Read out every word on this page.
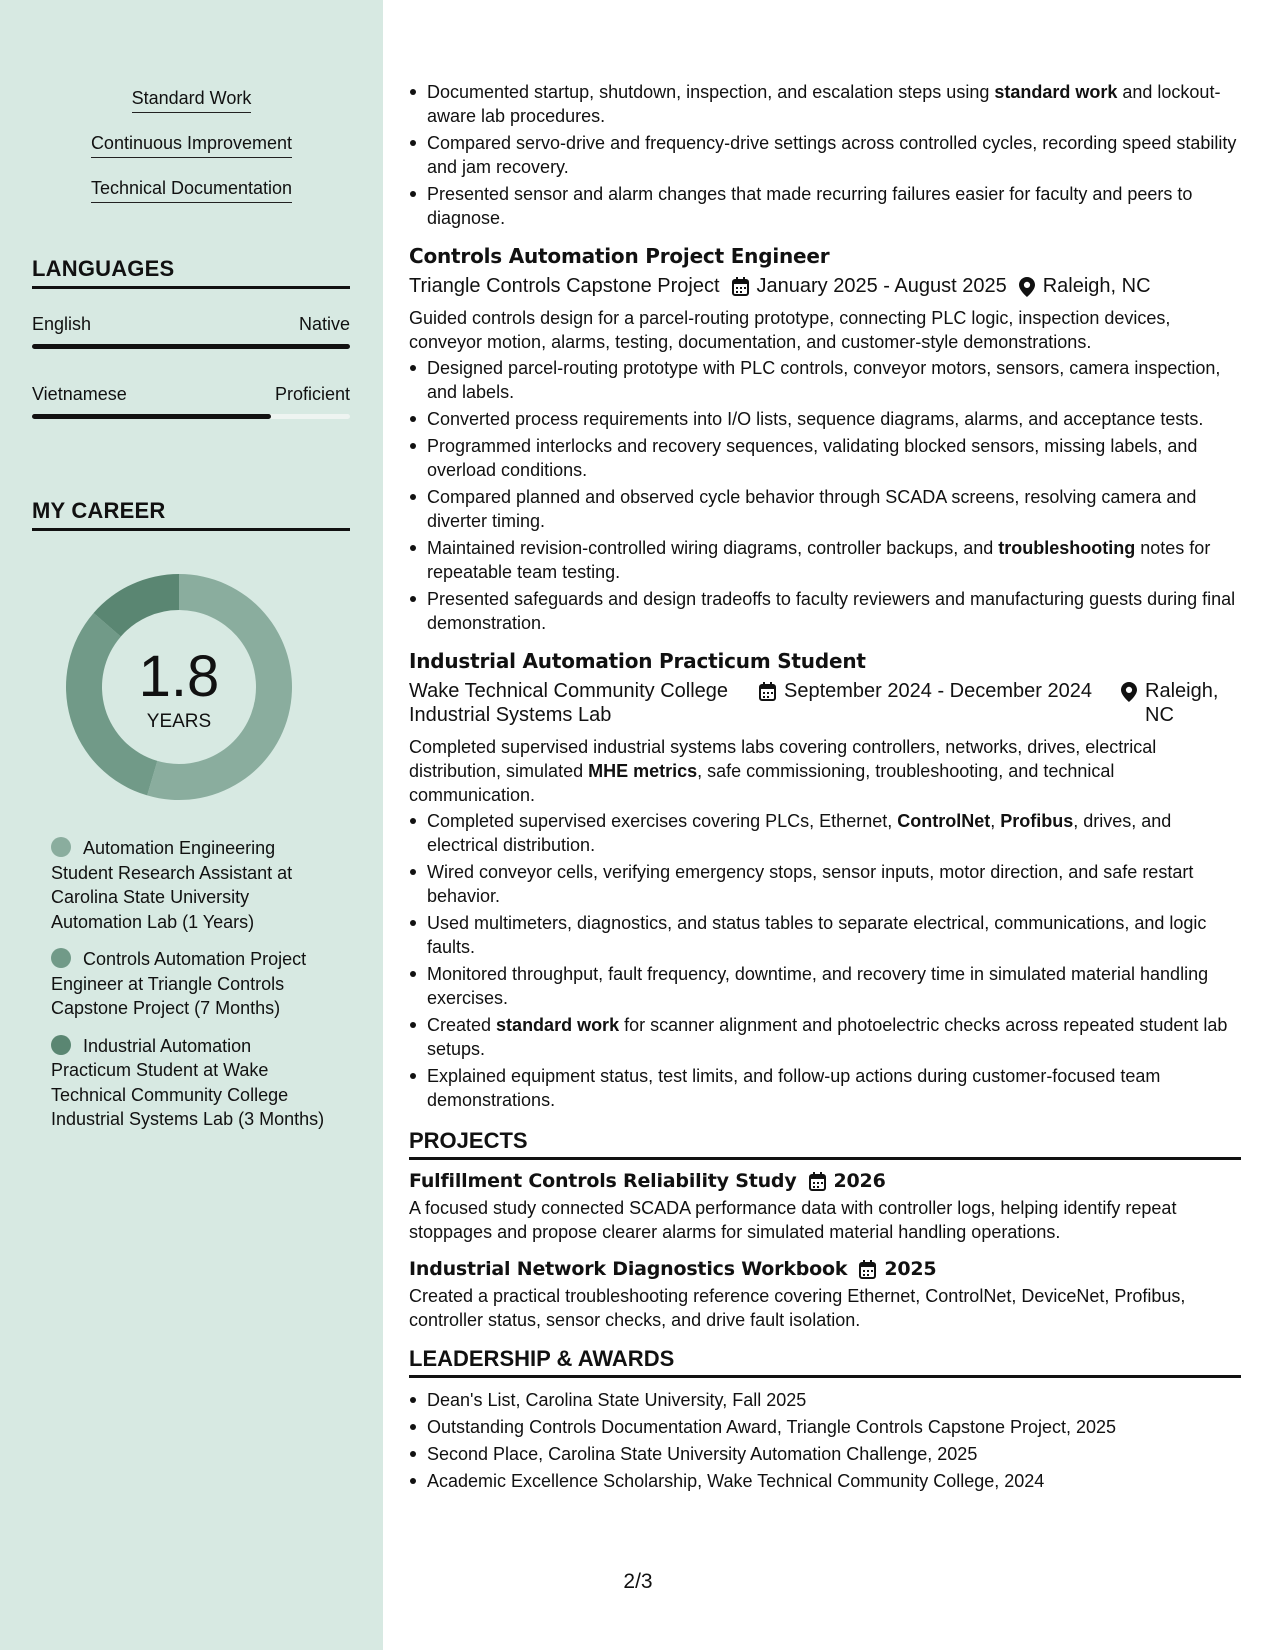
Standard Work
Continuous Improvement
Technical Documentation
LANGUAGES
English	Native
Vietnamese	Proficient
MY CAREER
1.8
YEARS
Automation Engineering Student Research Assistant at Carolina State University Automation Lab (1 Years)
Controls Automation Project Engineer at Triangle Controls Capstone Project (7 Months)
Industrial Automation Practicum Student at Wake Technical Community College Industrial Systems Lab (3 Months)
Documented startup, shutdown, inspection, and escalation steps using standard work and lockout-aware lab procedures.
Compared servo-drive and frequency-drive settings across controlled cycles, recording speed stability and jam recovery.
Presented sensor and alarm changes that made recurring failures easier for faculty and peers to diagnose.
Controls Automation Project Engineer
Triangle Controls Capstone Project January 2025 - August 2025 Raleigh, NC
Guided controls design for a parcel-routing prototype, connecting PLC logic, inspection devices, conveyor motion, alarms, testing, documentation, and customer-style demonstrations.
Designed parcel-routing prototype with PLC controls, conveyor motors, sensors, camera inspection, and labels.
Converted process requirements into I/O lists, sequence diagrams, alarms, and acceptance tests.
Programmed interlocks and recovery sequences, validating blocked sensors, missing labels, and overload conditions.
Compared planned and observed cycle behavior through SCADA screens, resolving camera and diverter timing.
Maintained revision-controlled wiring diagrams, controller backups, and troubleshooting notes for repeatable team testing.
Presented safeguards and design tradeoffs to faculty reviewers and manufacturing guests during final demonstration.
Industrial Automation Practicum Student
Wake Technical Community College Industrial Systems Lab
September 2024 - December 2024	Raleigh, NC
Completed supervised industrial systems labs covering controllers, networks, drives, electrical distribution, simulated MHE metrics, safe commissioning, troubleshooting, and technical communication.
Completed supervised exercises covering PLCs, Ethernet, ControlNet, Profibus, drives, and electrical distribution.
Wired conveyor cells, verifying emergency stops, sensor inputs, motor direction, and safe restart behavior.
Used multimeters, diagnostics, and status tables to separate electrical, communications, and logic faults.
Monitored throughput, fault frequency, downtime, and recovery time in simulated material handling exercises.
Created standard work for scanner alignment and photoelectric checks across repeated student lab setups.
Explained equipment status, test limits, and follow-up actions during customer-focused team demonstrations.
PROJECTS
Fulfillment Controls Reliability Study 2026
A focused study connected SCADA performance data with controller logs, helping identify repeat stoppages and propose clearer alarms for simulated material handling operations.
Industrial Network Diagnostics Workbook 2025
Created a practical troubleshooting reference covering Ethernet, ControlNet, DeviceNet, Profibus, controller status, sensor checks, and drive fault isolation.
LEADERSHIP & AWARDS
Dean's List, Carolina State University, Fall 2025
Outstanding Controls Documentation Award, Triangle Controls Capstone Project, 2025
Second Place, Carolina State University Automation Challenge, 2025
Academic Excellence Scholarship, Wake Technical Community College, 2024
2/3
